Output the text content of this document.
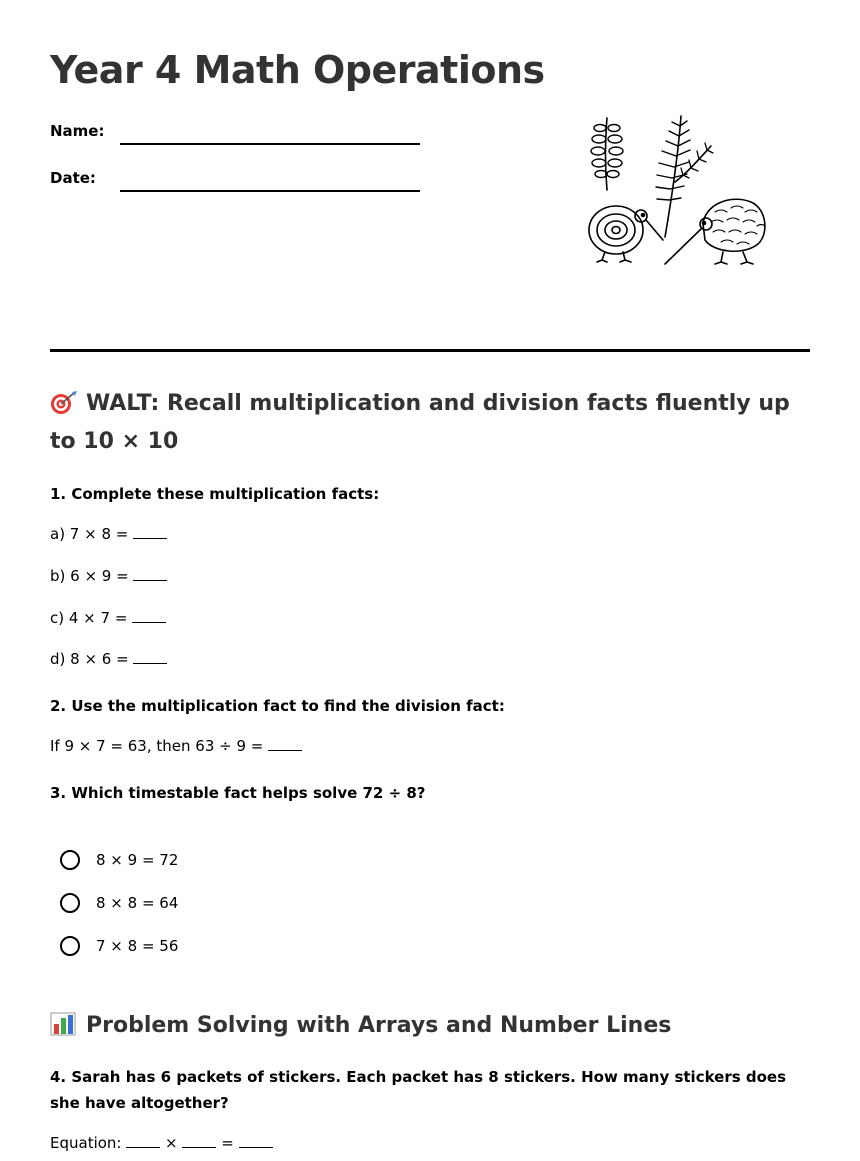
Year 4 Math Operations
Name:
Date:
WALT: Recall multiplication and division facts fluently up to 10 × 10
1. Complete these multiplication facts:
a) 7 × 8 =
b) 6 × 9 =
c) 4 × 7 =
d) 8 × 6 =
2. Use the multiplication fact to find the division fact:
If 9 × 7 = 63, then 63 ÷ 9 =
3. Which timestable fact helps solve 72 ÷ 8?
8 × 9 = 72
8 × 8 = 64
7 × 8 = 56
Problem Solving with Arrays and Number Lines
4. Sarah has 6 packets of stickers. Each packet has 8 stickers. How many stickers does she have altogether?
Equation:	×	=
